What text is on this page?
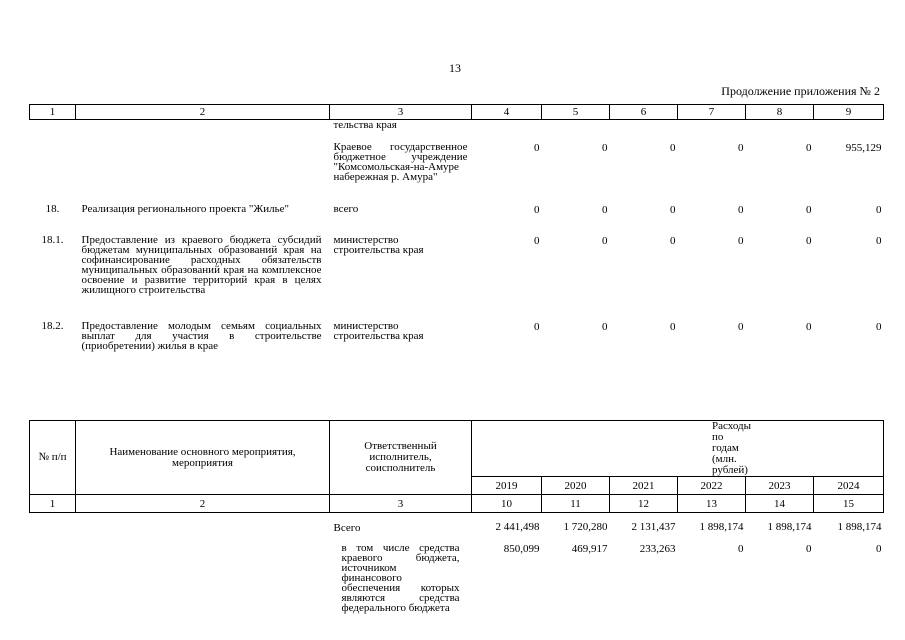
13
Продолжение приложения № 2
1	2	3	4	5	6	7	8	9
		тельства края						
		Краевое государственное бюджетное учреждение "Комсомольская-на-Амуре набережная р. Амура"	0	0	0	0	0	955,129
18.	Реализация регионального проекта "Жилье"	всего	0	0	0	0	0	0
18.1.	Предоставление из краевого бюджета субсидий бюджетам муниципальных образований края на софинансирование расходных обязательств муниципальных образований края на комплексное освоение и развитие территорий края в целях жилищного строительства	министерство строительства края	0	0	0	0	0	0
18.2.	Предоставление молодым семьям социальных выплат для участия в строительстве (приобретении) жилья в крае	министерство строительства края	0	0	0	0	0	0
№ п/п	Наименование основного мероприятия, мероприятия	Ответственный исполнитель, соисполнитель	Расходы по годам (млн. рублей)					
			2019	2020	2021	2022	2023	2024
1	2	3	10	11	12	13	14	15
		Всего	2 441,498	1 720,280	2 131,437	1 898,174	1 898,174	1 898,174
		в том числе средства краевого бюджета, источником финансового обеспечения которых являются средства федерального бюджета	850,099	469,917	233,263	0	0	0
